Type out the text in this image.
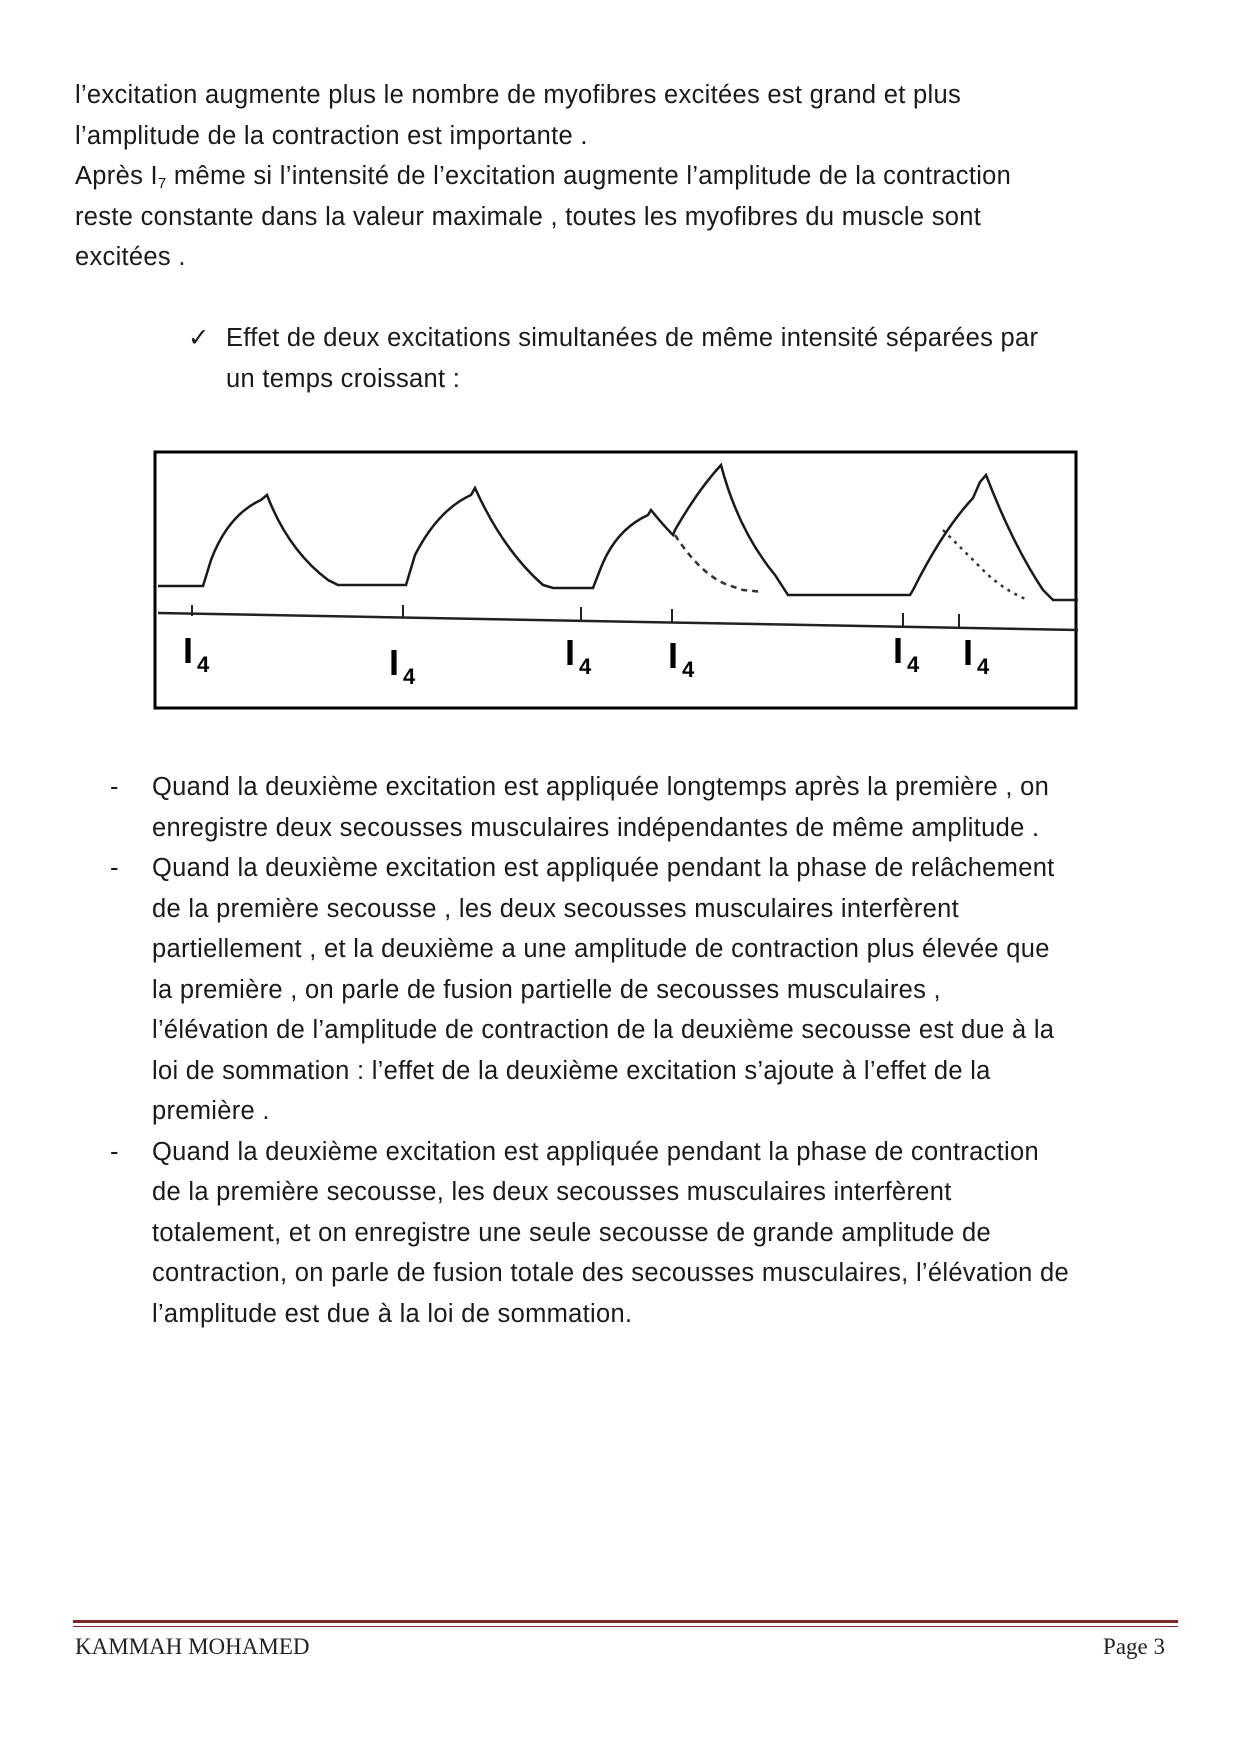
l’excitation augmente plus le nombre de myofibres excitées est grand et plus
l’amplitude de la contraction est importante .
Après $I_7$ même si l’intensité de l’excitation augmente l’amplitude de la contraction
reste constante dans la valeur maximale , toutes les myofibres du muscle sont
excitées .
✓ Effet de deux excitations simultanées de même intensité séparées par
un temps croissant :
I 4	I 4
I 4 I 4	I 4 I 4
- Quand la deuxième excitation est appliquée longtemps après la première , on
enregistre deux secousses musculaires indépendantes de même amplitude .
- Quand la deuxième excitation est appliquée pendant la phase de relâchement
de la première secousse , les deux secousses musculaires interfèrent
partiellement , et la deuxième a une amplitude de contraction plus élevée que
la première , on parle de fusion partielle de secousses musculaires ,
l’élévation de l’amplitude de contraction de la deuxième secousse est due à la
loi de sommation : l’effet de la deuxième excitation s’ajoute à l’effet de la
première .
- Quand la deuxième excitation est appliquée pendant la phase de contraction
de la première secousse, les deux secousses musculaires interfèrent
totalement, et on enregistre une seule secousse de grande amplitude de
contraction, on parle de fusion totale des secousses musculaires, l’élévation de
l’amplitude est due à la loi de sommation.
KAMMAH MOHAMED	Page 3
